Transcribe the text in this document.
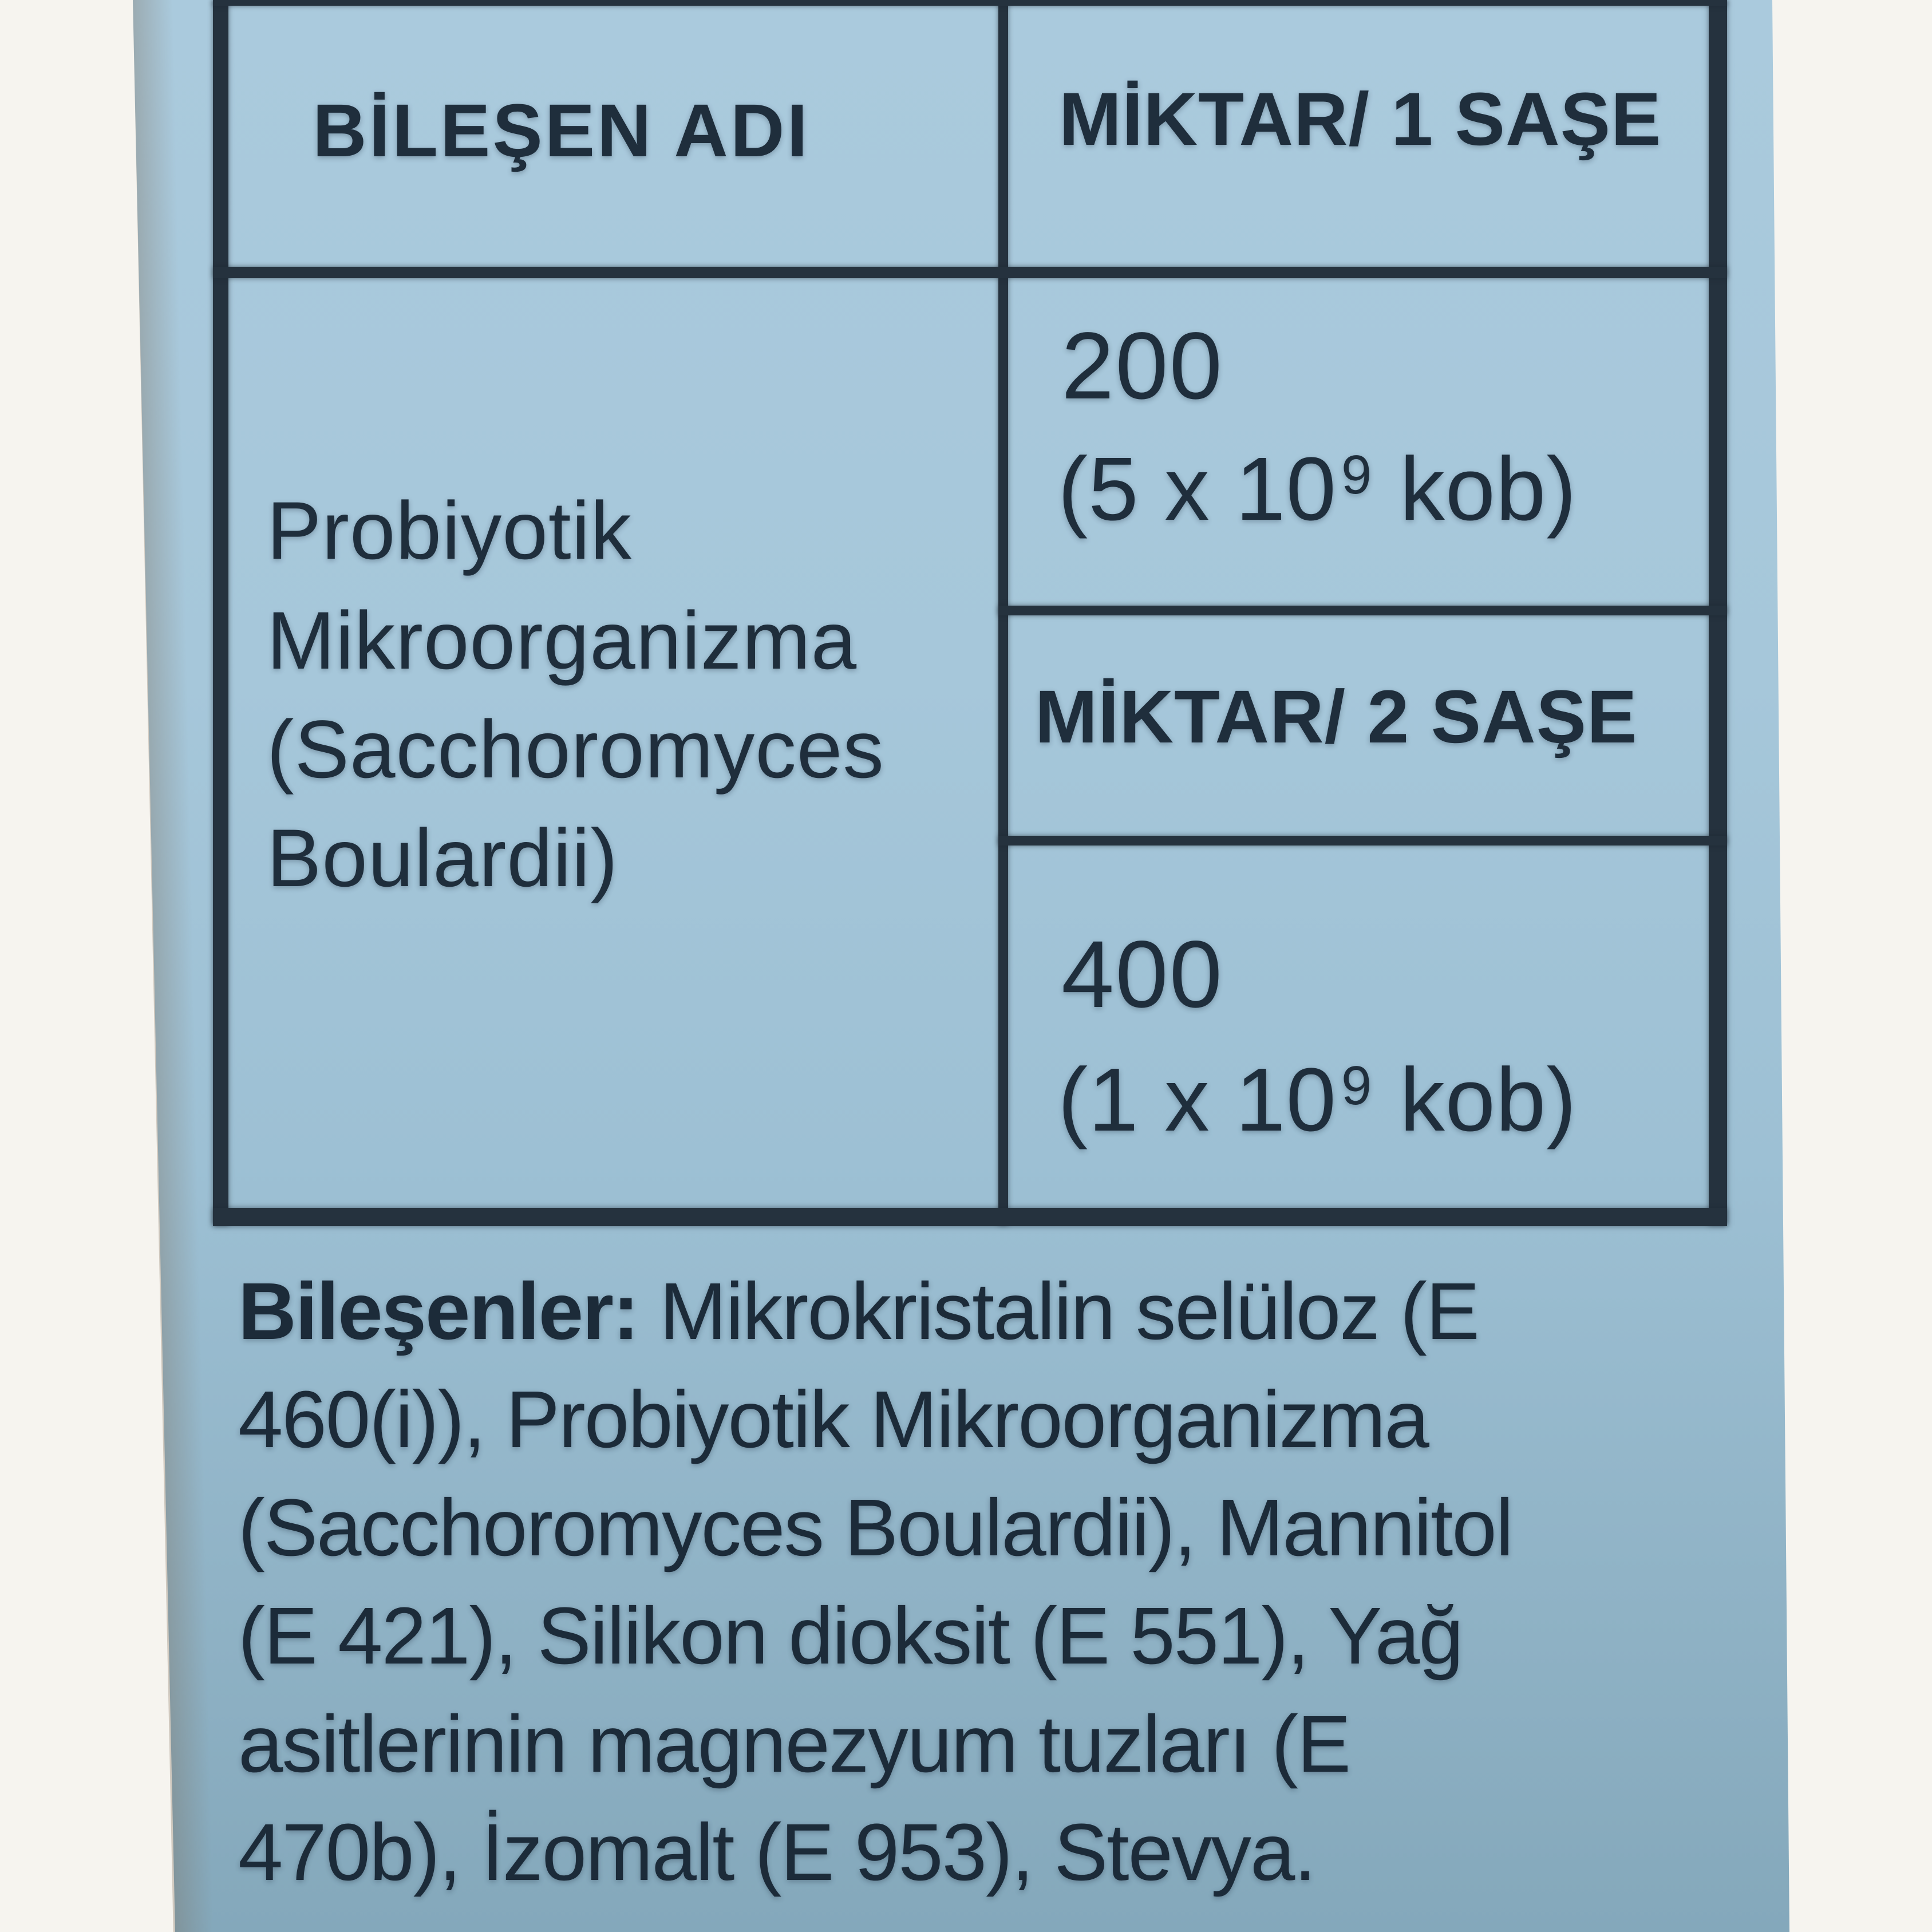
BİLEŞEN ADI	MİKTAR/ 1 SAŞE
Probiyotik
Mikroorganizma
(Sacchoromyces
Boulardii)
200
(5 x $10^9$ kob)
MİKTAR/ 2 SAŞE
400
(1 x $10^9$ kob)
Bileşenler: Mikrokristalin selüloz (E
460(i)), Probiyotik Mikroorganizma
(Sacchoromyces Boulardii), Mannitol
(E 421), Silikon dioksit (E 551), Yağ
asitlerinin magnezyum tuzları (E
470b), İzomalt (E 953), Stevya.
